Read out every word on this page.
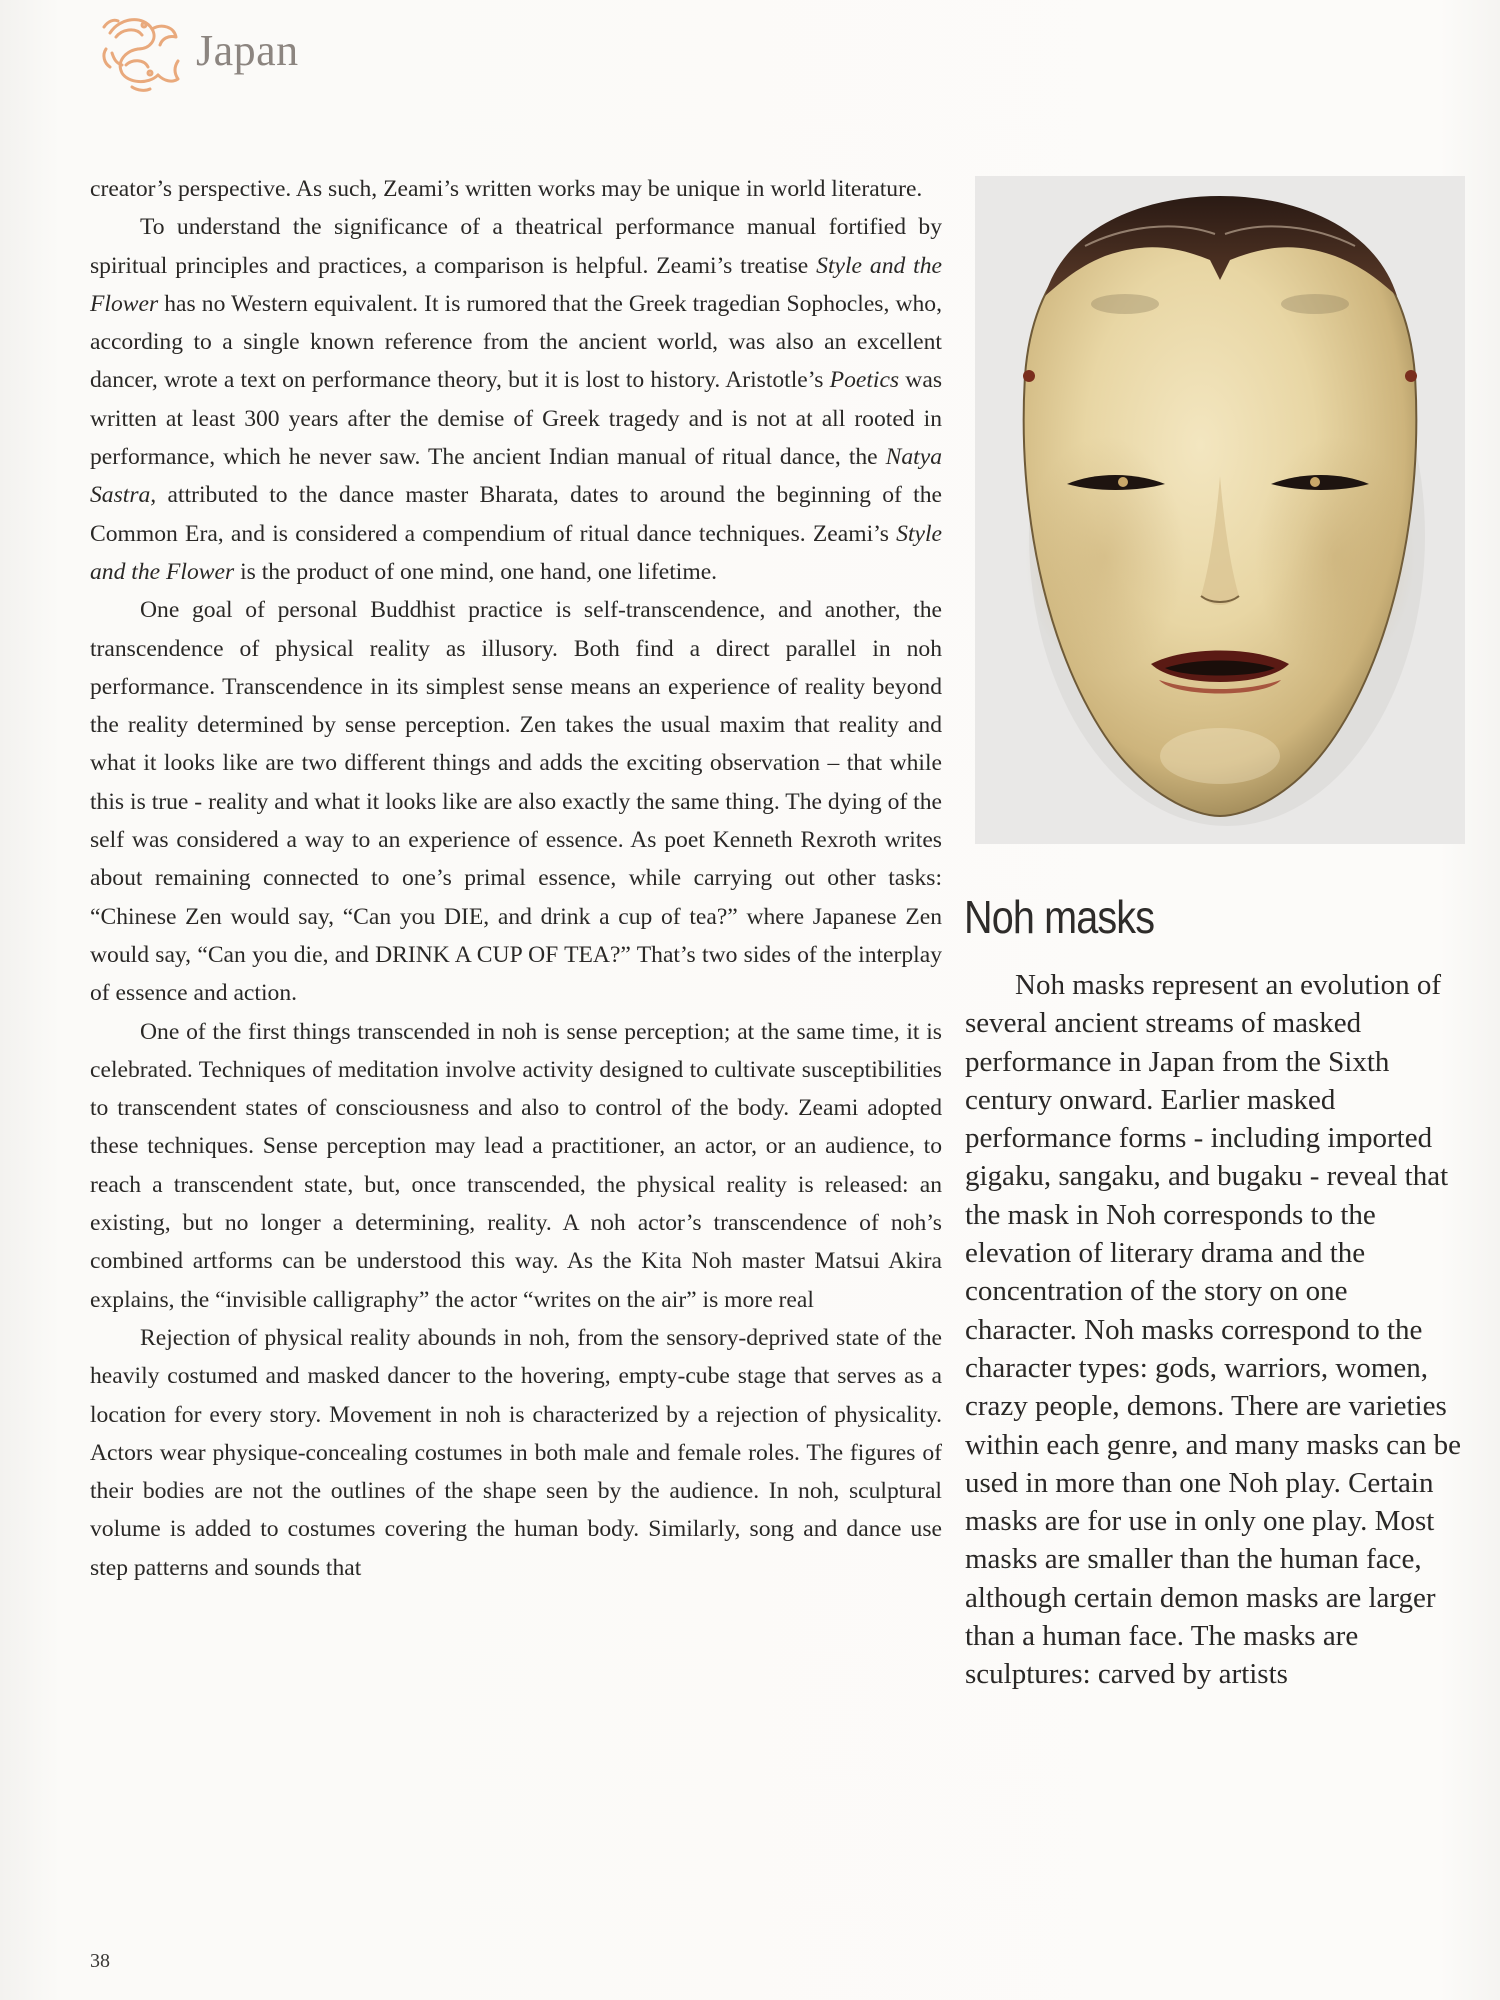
Japan

creator’s perspective. As such, Zeami’s written works may be unique in world literature.

To understand the significance of a theatrical performance manual fortified by spiritual principles and practices, a comparison is helpful. Zeami’s treatise Style and the Flower has no Western equivalent. It is rumored that the Greek tragedian Sophocles, who, according to a single known reference from the ancient world, was also an excellent dancer, wrote a text on performance theory, but it is lost to history. Aristotle’s Poetics was written at least 300 years after the demise of Greek tragedy and is not at all rooted in performance, which he never saw. The ancient Indian manual of ritual dance, the Natya Sastra, attributed to the dance master Bharata, dates to around the beginning of the Common Era, and is considered a compendium of ritual dance techniques. Zeami’s Style and the Flower is the product of one mind, one hand, one lifetime.

One goal of personal Buddhist practice is self-transcendence, and another, the transcendence of physical reality as illusory. Both find a direct parallel in noh performance. Transcendence in its simplest sense means an experience of reality beyond the reality determined by sense perception. Zen takes the usual maxim that reality and what it looks like are two different things and adds the exciting observation – that while this is true - reality and what it looks like are also exactly the same thing. The dying of the self was considered a way to an experience of essence. As poet Kenneth Rexroth writes about remaining connected to one’s primal essence, while carrying out other tasks: “Chinese Zen would say, “Can you DIE, and drink a cup of tea?” where Japanese Zen would say, “Can you die, and DRINK A CUP OF TEA?” That’s two sides of the interplay of essence and action.

One of the first things transcended in noh is sense perception; at the same time, it is celebrated. Techniques of meditation involve activity designed to cultivate susceptibilities to transcendent states of consciousness and also to control of the body. Zeami adopted these techniques. Sense perception may lead a practitioner, an actor, or an audience, to reach a transcendent state, but, once transcended, the physical reality is released: an existing, but no longer a determining, reality. A noh actor’s transcendence of noh’s combined artforms can be understood this way. As the Kita Noh master Matsui Akira explains, the “invisible calligraphy” the actor “writes on the air” is more real

Rejection of physical reality abounds in noh, from the sensory-deprived state of the heavily costumed and masked dancer to the hovering, empty-cube stage that serves as a location for every story. Movement in noh is characterized by a rejection of physicality. Actors wear physique-concealing costumes in both male and female roles. The figures of their bodies are not the outlines of the shape seen by the audience. In noh, sculptural volume is added to costumes covering the human body. Similarly, song and dance use step patterns and sounds that

Noh masks

Noh masks represent an evolution of several ancient streams of masked performance in Japan from the Sixth century onward. Earlier masked performance forms - including imported gigaku, sangaku, and bugaku - reveal that the mask in Noh corresponds to the elevation of literary drama and the concentration of the story on one character. Noh masks correspond to the character types: gods, warriors, women, crazy people, demons. There are varieties within each genre, and many masks can be used in more than one Noh play. Certain masks are for use in only one play. Most masks are smaller than the human face, although certain demon masks are larger than a human face. The masks are sculptures: carved by artists

38
